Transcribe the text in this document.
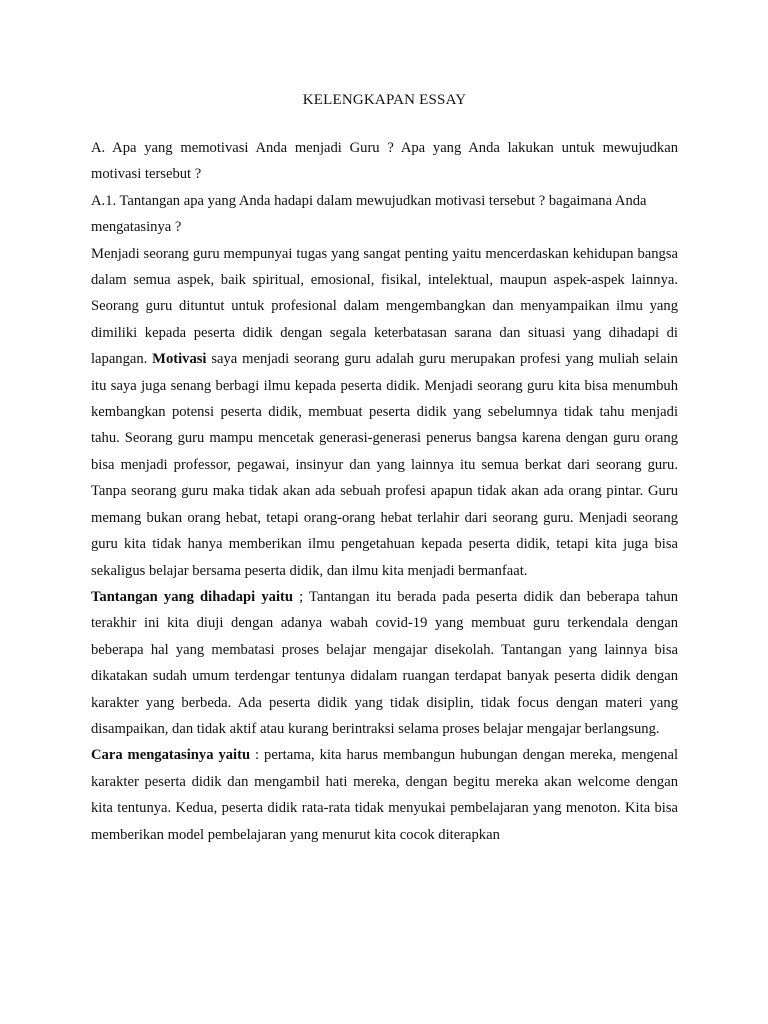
KELENGKAPAN ESSAY

A. Apa yang memotivasi Anda menjadi Guru ? Apa yang Anda lakukan untuk mewujudkan motivasi tersebut ?

A.1. Tantangan apa yang Anda hadapi dalam mewujudkan motivasi tersebut ? bagaimana Anda mengatasinya ?

Menjadi seorang guru mempunyai tugas yang sangat penting yaitu mencerdaskan kehidupan bangsa dalam semua aspek, baik spiritual, emosional, fisikal, intelektual, maupun aspek-aspek lainnya. Seorang guru dituntut untuk profesional dalam mengembangkan dan menyampaikan ilmu yang dimiliki kepada peserta didik dengan segala keterbatasan sarana dan situasi yang dihadapi di lapangan. Motivasi saya menjadi seorang guru adalah guru merupakan profesi yang muliah selain itu saya juga senang berbagi ilmu kepada peserta didik. Menjadi seorang guru kita bisa menumbuh kembangkan potensi peserta didik, membuat peserta didik yang sebelumnya tidak tahu menjadi tahu. Seorang guru mampu mencetak generasi-generasi penerus bangsa karena dengan guru orang bisa menjadi professor, pegawai, insinyur dan yang lainnya itu semua berkat dari seorang guru. Tanpa seorang guru maka tidak akan ada sebuah profesi apapun tidak akan ada orang pintar. Guru memang bukan orang hebat, tetapi orang-orang hebat terlahir dari seorang guru. Menjadi seorang guru kita tidak hanya memberikan ilmu pengetahuan kepada peserta didik, tetapi kita juga bisa sekaligus belajar bersama peserta didik, dan ilmu kita menjadi bermanfaat.

Tantangan yang dihadapi yaitu ; Tantangan itu berada pada peserta didik dan beberapa tahun terakhir ini kita diuji dengan adanya wabah covid-19 yang membuat guru terkendala dengan beberapa hal yang membatasi proses belajar mengajar disekolah. Tantangan yang lainnya bisa dikatakan sudah umum terdengar tentunya didalam ruangan terdapat banyak peserta didik dengan karakter yang berbeda. Ada peserta didik yang tidak disiplin, tidak focus dengan materi yang disampaikan, dan tidak aktif atau kurang berintraksi selama proses belajar mengajar berlangsung.

Cara mengatasinya yaitu : pertama, kita harus membangun hubungan dengan mereka, mengenal karakter peserta didik dan mengambil hati mereka, dengan begitu mereka akan welcome dengan kita tentunya. Kedua, peserta didik rata-rata tidak menyukai pembelajaran yang menoton. Kita bisa memberikan model pembelajaran yang menurut kita cocok diterapkan
